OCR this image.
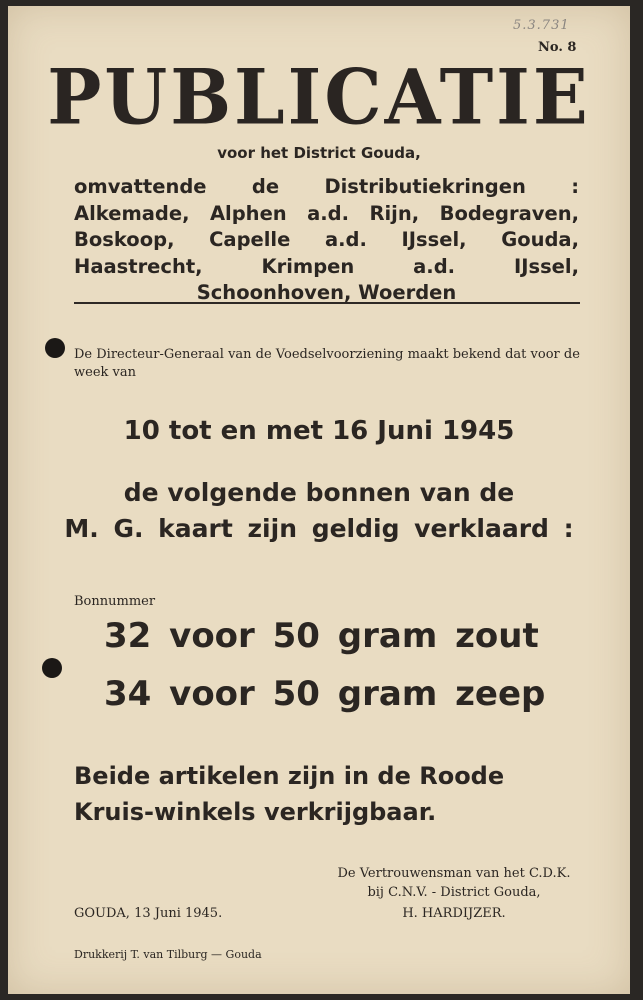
5.3.731
No. 8
PUBLICATIE
voor het District Gouda,
omvattende de Distributiekringen : Alkemade, Alphen a.d. Rijn, Bodegraven, Boskoop, Capelle a.d. IJssel, Gouda, Haastrecht, Krimpen a.d. IJssel, Schoonhoven, Woerden
De Directeur-Generaal van de Voedselvoorziening maakt bekend dat voor de week van
10 tot en met 16 Juni 1945
de volgende bonnen van de
M. G. kaart zijn geldig verklaard :
Bonnummer
32 voor 50 gram zout
34 voor 50 gram zeep
Beide artikelen zijn in de Roode Kruis-winkels verkrijgbaar.
De Vertrouwensman van het C.D.K.
bij C.N.V. - District Gouda,
GOUDA, 13 Juni 1945.	H. HARDIJZER.
Drukkerij T. van Tilburg — Gouda
